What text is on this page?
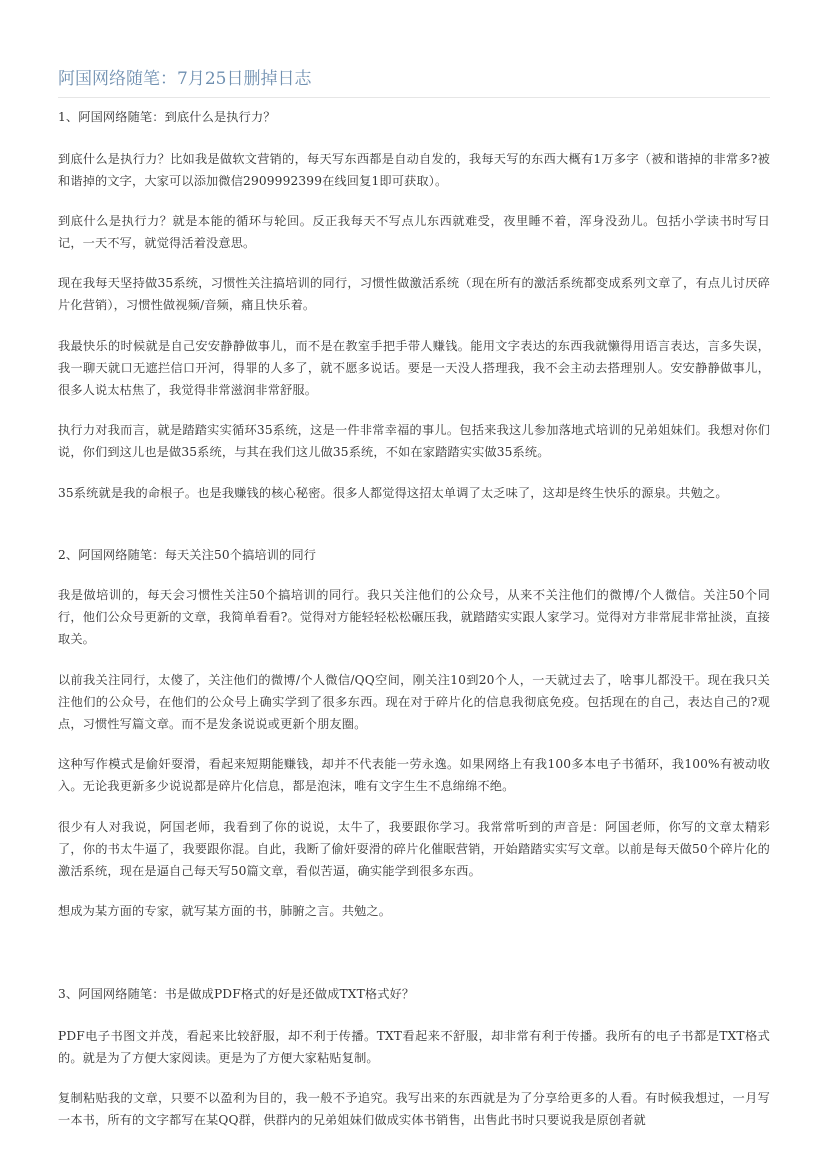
阿国网络随笔：7月25日删掉日志
1、阿国网络随笔：到底什么是执行力？
到底什么是执行力？比如我是做软文营销的，每天写东西都是自动自发的，我每天写的东西大概有1万多字（被和谐掉的非常多?被和谐掉的文字，大家可以添加微信2909992399在线回复1即可获取）。
到底什么是执行力？就是本能的循环与轮回。反正我每天不写点儿东西就难受，夜里睡不着，浑身没劲儿。包括小学读书时写日记，一天不写，就觉得活着没意思。
现在我每天坚持做35系统，习惯性关注搞培训的同行，习惯性做激活系统（现在所有的激活系统都变成系列文章了，有点儿讨厌碎片化营销），习惯性做视频/音频，痛且快乐着。
我最快乐的时候就是自己安安静静做事儿，而不是在教室手把手带人赚钱。能用文字表达的东西我就懒得用语言表达，言多失误，我一聊天就口无遮拦信口开河，得罪的人多了，就不愿多说话。要是一天没人搭理我，我不会主动去搭理别人。安安静静做事儿，很多人说太枯焦了，我觉得非常滋润非常舒服。
执行力对我而言，就是踏踏实实循环35系统，这是一件非常幸福的事儿。包括来我这儿参加落地式培训的兄弟姐妹们。我想对你们说，你们到这儿也是做35系统，与其在我们这儿做35系统，不如在家踏踏实实做35系统。
35系统就是我的命根子。也是我赚钱的核心秘密。很多人都觉得这招太单调了太乏味了，这却是终生快乐的源泉。共勉之。
2、阿国网络随笔：每天关注50个搞培训的同行
我是做培训的，每天会习惯性关注50个搞培训的同行。我只关注他们的公众号，从来不关注他们的微博/个人微信。关注50个同行，他们公众号更新的文章，我简单看看?。觉得对方能轻轻松松碾压我，就踏踏实实跟人家学习。觉得对方非常屁非常扯淡，直接取关。
以前我关注同行，太傻了，关注他们的微博/个人微信/QQ空间，刚关注10到20个人，一天就过去了，啥事儿都没干。现在我只关注他们的公众号，在他们的公众号上确实学到了很多东西。现在对于碎片化的信息我彻底免疫。包括现在的自己，表达自己的?观点，习惯性写篇文章。而不是发条说说或更新个朋友圈。
这种写作模式是偷奸耍滑，看起来短期能赚钱，却并不代表能一劳永逸。如果网络上有我100多本电子书循环，我100%有被动收入。无论我更新多少说说都是碎片化信息，都是泡沫，唯有文字生生不息绵绵不绝。
很少有人对我说，阿国老师，我看到了你的说说，太牛了，我要跟你学习。我常常听到的声音是：阿国老师，你写的文章太精彩了，你的书太牛逼了，我要跟你混。自此，我断了偷奸耍滑的碎片化催眠营销，开始踏踏实实写文章。以前是每天做50个碎片化的激活系统，现在是逼自己每天写50篇文章，看似苦逼，确实能学到很多东西。
想成为某方面的专家，就写某方面的书，肺腑之言。共勉之。
3、阿国网络随笔：书是做成PDF格式的好是还做成TXT格式好？
PDF电子书图文并茂，看起来比较舒服，却不利于传播。TXT看起来不舒服，却非常有利于传播。我所有的电子书都是TXT格式的。就是为了方便大家阅读。更是为了方便大家粘贴复制。
复制粘贴我的文章，只要不以盈利为目的，我一般不予追究。我写出来的东西就是为了分享给更多的人看。有时候我想过，一月写一本书，所有的文字都写在某QQ群，供群内的兄弟姐妹们做成实体书销售，出售此书时只要说我是原创者就
